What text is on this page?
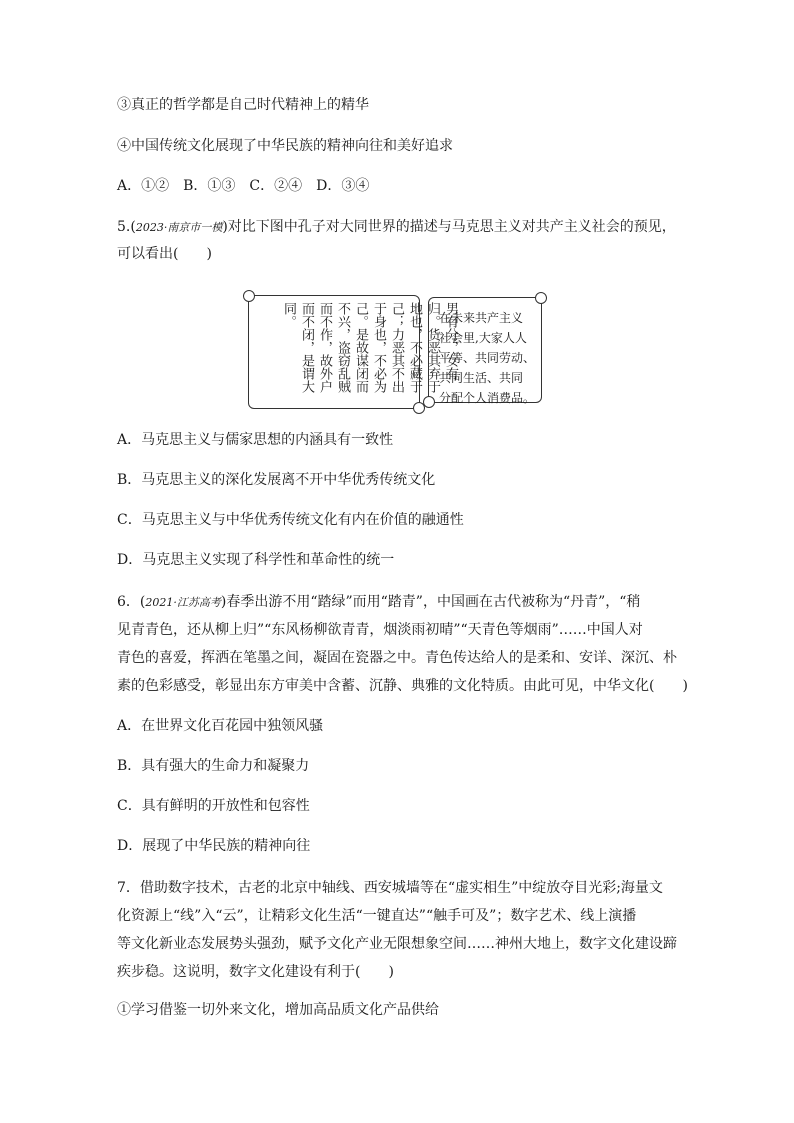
③真正的哲学都是自己时代精神上的精华
④中国传统文化展现了中华民族的精神向往和美好追求
A．①②　B．①③　C．②④　D．③④
5.(2023·南京市一模)对比下图中孔子对大同世界的描述与马克思主义对共产主义社会的预见，
可以看出(　　)
男有分，女有归。货恶其弃于地也，不必藏于己；力恶其不出于身也，不必为己。是故谋闭而不兴，盗窃乱贼而不作，故外户而不闭，是谓大同。	在未来共产主义
社会里,大家人人
平等、共同劳动、
共同生活、共同
分配个人消费品。
A．马克思主义与儒家思想的内涵具有一致性
B．马克思主义的深化发展离不开中华优秀传统文化
C．马克思主义与中华优秀传统文化有内在价值的融通性
D．马克思主义实现了科学性和革命性的统一
6．(2021·江苏高考)春季出游不用“踏绿”而用“踏青”，中国画在古代被称为“丹青”，“稍
见青青色，还从柳上归”“东风杨柳欲青青，烟淡雨初晴”“天青色等烟雨”……中国人对
青色的喜爱，挥洒在笔墨之间，凝固在瓷器之中。青色传达给人的是柔和、安详、深沉、朴
素的色彩感受，彰显出东方审美中含蓄、沉静、典雅的文化特质。由此可见，中华文化(　　)
A．在世界文化百花园中独领风骚
B．具有强大的生命力和凝聚力
C．具有鲜明的开放性和包容性
D．展现了中华民族的精神向往
7．借助数字技术，古老的北京中轴线、西安城墙等在“虚实相生”中绽放夺目光彩;海量文
化资源上“线”入“云”，让精彩文化生活“一键直达”“触手可及”；数字艺术、线上演播
等文化新业态发展势头强劲，赋予文化产业无限想象空间……神州大地上，数字文化建设蹄
疾步稳。这说明，数字文化建设有利于(　　)
①学习借鉴一切外来文化，增加高品质文化产品供给
